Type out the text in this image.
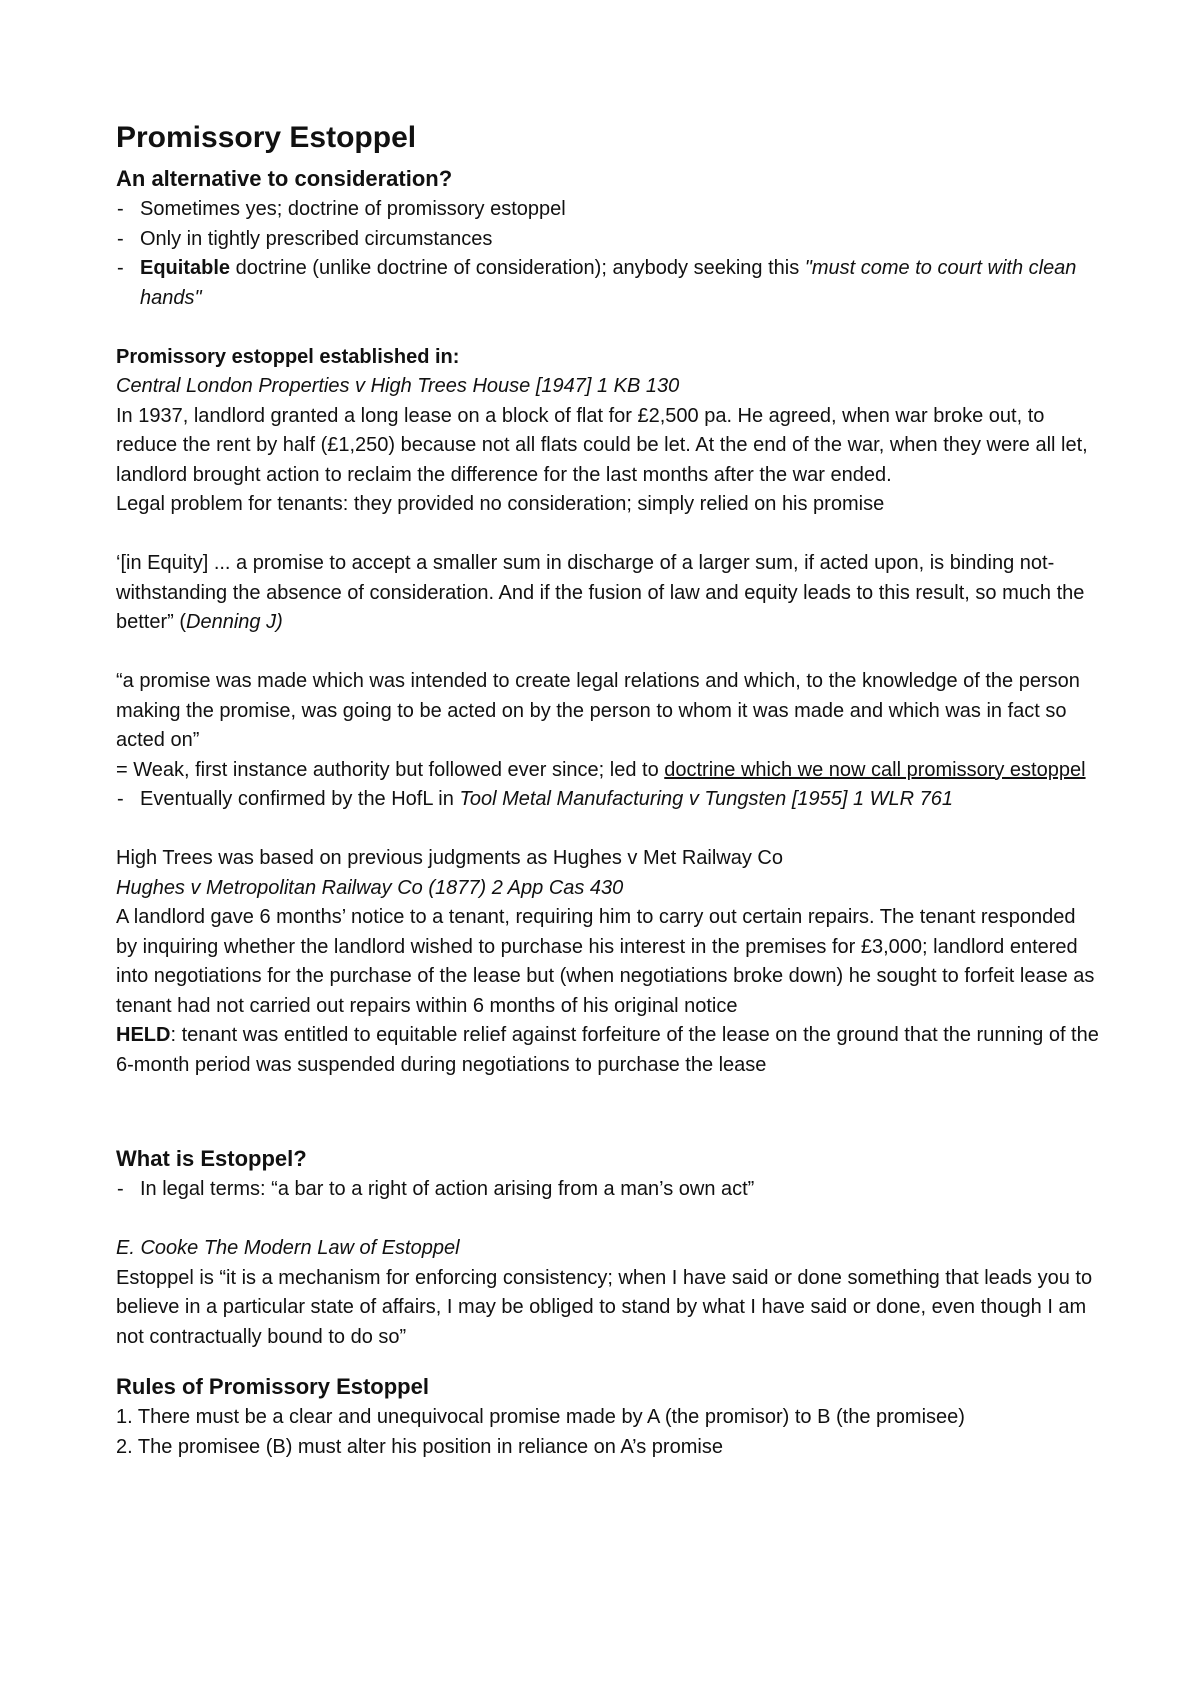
Promissory Estoppel
An alternative to consideration?
- Sometimes yes; doctrine of promissory estoppel
- Only in tightly prescribed circumstances
- Equitable doctrine (unlike doctrine of consideration); anybody seeking this "must come to court with clean hands"
Promissory estoppel established in:

Central London Properties v High Trees House [1947] 1 KB 130

In 1937, landlord granted a long lease on a block of flat for £2,500 pa. He agreed, when war broke out, to reduce the rent by half (£1,250) because not all flats could be let. At the end of the war, when they were all let, landlord brought action to reclaim the difference for the last months after the war ended.

Legal problem for tenants: they provided no consideration; simply relied on his promise

‘[in Equity] ... a promise to accept a smaller sum in discharge of a larger sum, if acted upon, is binding not-withstanding the absence of consideration. And if the fusion of law and equity leads to this result, so much the better” (Denning J)

“a promise was made which was intended to create legal relations and which, to the knowledge of the person making the promise, was going to be acted on by the person to whom it was made and which was in fact so acted on”

= Weak, first instance authority but followed ever since; led to doctrine which we now call promissory estoppel

- Eventually confirmed by the HofL in Tool Metal Manufacturing v Tungsten [1955] 1 WLR 761

High Trees was based on previous judgments as Hughes v Met Railway Co

Hughes v Metropolitan Railway Co (1877) 2 App Cas 430

A landlord gave 6 months’ notice to a tenant, requiring him to carry out certain repairs. The tenant responded by inquiring whether the landlord wished to purchase his interest in the premises for £3,000; landlord entered into negotiations for the purchase of the lease but (when negotiations broke down) he sought to forfeit lease as tenant had not carried out repairs within 6 months of his original notice

HELD: tenant was entitled to equitable relief against forfeiture of the lease on the ground that the running of the 6-month period was suspended during negotiations to purchase the lease

What is Estoppel?
- In legal terms: “a bar to a right of action arising from a man’s own act”

E. Cooke The Modern Law of Estoppel

Estoppel is “it is a mechanism for enforcing consistency; when I have said or done something that leads you to believe in a particular state of affairs, I may be obliged to stand by what I have said or done, even though I am not contractually bound to do so”

Rules of Promissory Estoppel

1. There must be a clear and unequivocal promise made by A (the promisor) to B (the promisee)

2. The promisee (B) must alter his position in reliance on A’s promise
